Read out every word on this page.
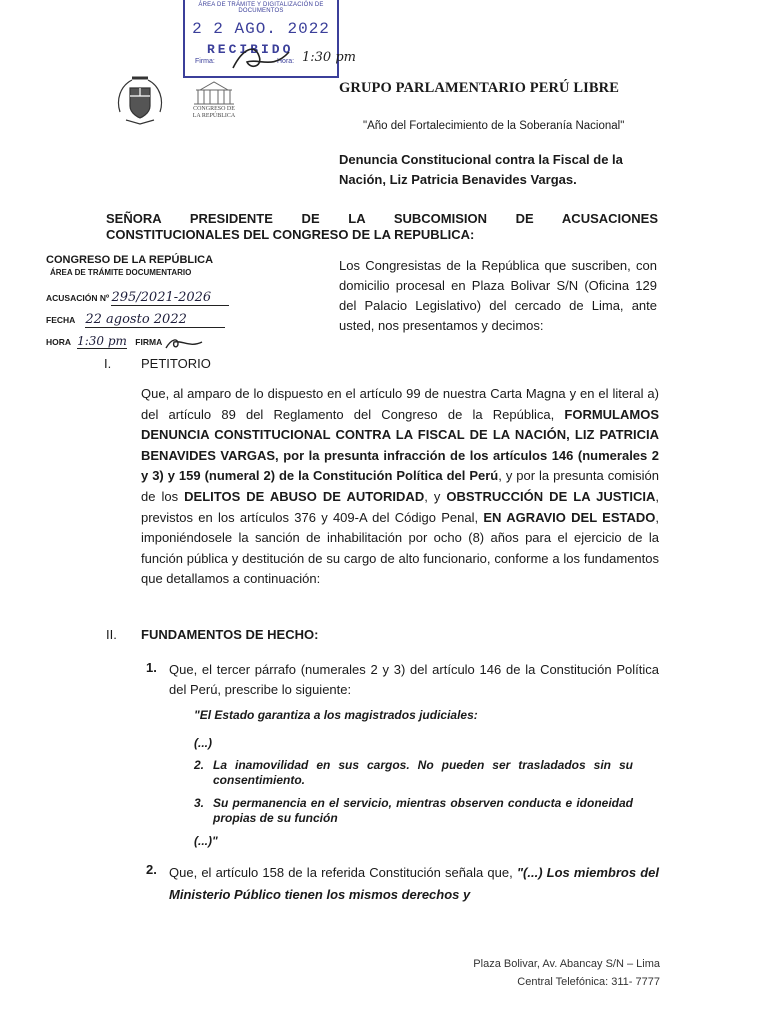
ÁREA DE TRÁMITE Y DIGITALIZACIÓN DE DOCUMENTOS
2 2 AGO. 2022
RECIBIDO
Firma:	Hora: 1:30 pm
CONGRESO DE LA REPÚBLICA
GRUPO PARLAMENTARIO PERÚ LIBRE
"Año del Fortalecimiento de la Soberanía Nacional"
Denuncia Constitucional contra la Fiscal de la Nación, Liz Patricia Benavides Vargas.
SEÑORA PRESIDENTE DE LA SUBCOMISION DE ACUSACIONES
CONSTITUCIONALES DEL CONGRESO DE LA REPUBLICA:
CONGRESO DE LA REPÚBLICA
ÁREA DE TRÁMITE DOCUMENTARIO
ACUSACIÓN Nº 295/2021-2026
FECHA 22 agosto 2022
HORA 1:30 pm FIRMA
Los Congresistas de la República que suscriben, con domicilio procesal en Plaza Bolivar S/N (Oficina 129 del Palacio Legislativo) del cercado de Lima, ante usted, nos presentamos y decimos:
I. PETITORIO
Que, al amparo de lo dispuesto en el artículo 99 de nuestra Carta Magna y en el literal a) del artículo 89 del Reglamento del Congreso de la República, FORMULAMOS DENUNCIA CONSTITUCIONAL CONTRA LA FISCAL DE LA NACIÓN, LIZ PATRICIA BENAVIDES VARGAS, por la presunta infracción de los artículos 146 (numerales 2 y 3) y 159 (numeral 2) de la Constitución Política del Perú, y por la presunta comisión de los DELITOS DE ABUSO DE AUTORIDAD, y OBSTRUCCIÓN DE LA JUSTICIA, previstos en los artículos 376 y 409-A del Código Penal, EN AGRAVIO DEL ESTADO, imponiéndosele la sanción de inhabilitación por ocho (8) años para el ejercicio de la función pública y destitución de su cargo de alto funcionario, conforme a los fundamentos que detallamos a continuación:
II. FUNDAMENTOS DE HECHO:
1. Que, el tercer párrafo (numerales 2 y 3) del artículo 146 de la Constitución Política del Perú, prescribe lo siguiente:
"El Estado garantiza a los magistrados judiciales:
(...)
2. La inamovilidad en sus cargos. No pueden ser trasladados sin su consentimiento.
3. Su permanencia en el servicio, mientras observen conducta e idoneidad propias de su función
(...)"
2. Que, el artículo 158 de la referida Constitución señala que, "(...) Los miembros del Ministerio Público tienen los mismos derechos y
Plaza Bolivar, Av. Abancay S/N – Lima
Central Telefónica: 311- 7777
